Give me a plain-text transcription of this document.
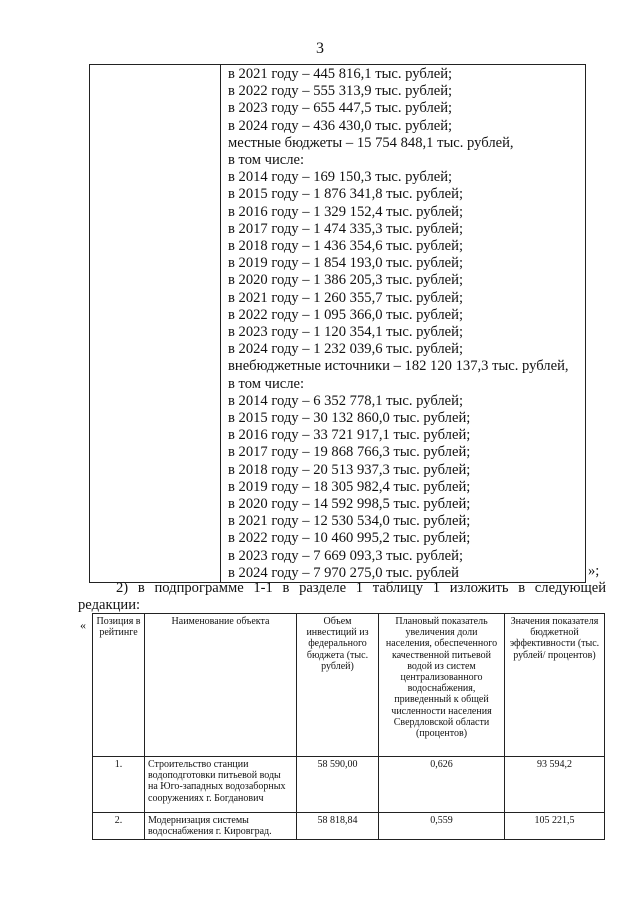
3

в 2021 году – 445 816,1 тыс. рублей;
в 2022 году – 555 313,9 тыс. рублей;
в 2023 году – 655 447,5 тыс. рублей;
в 2024 году – 436 430,0 тыс. рублей;
местные бюджеты – 15 754 848,1 тыс. рублей,
в том числе:
в 2014 году – 169 150,3 тыс. рублей;
в 2015 году – 1 876 341,8 тыс. рублей;
в 2016 году – 1 329 152,4 тыс. рублей;
в 2017 году – 1 474 335,3 тыс. рублей;
в 2018 году – 1 436 354,6 тыс. рублей;
в 2019 году – 1 854 193,0 тыс. рублей;
в 2020 году – 1 386 205,3 тыс. рублей;
в 2021 году – 1 260 355,7 тыс. рублей;
в 2022 году – 1 095 366,0 тыс. рублей;
в 2023 году – 1 120 354,1 тыс. рублей;
в 2024 году – 1 232 039,6 тыс. рублей;
внебюджетные источники – 182 120 137,3 тыс. рублей,
в том числе:
в 2014 году – 6 352 778,1 тыс. рублей;
в 2015 году – 30 132 860,0 тыс. рублей;
в 2016 году – 33 721 917,1 тыс. рублей;
в 2017 году – 19 868 766,3 тыс. рублей;
в 2018 году – 20 513 937,3 тыс. рублей;
в 2019 году – 18 305 982,4 тыс. рублей;
в 2020 году – 14 592 998,5 тыс. рублей;
в 2021 году – 12 530 534,0 тыс. рублей;
в 2022 году – 10 460 995,2 тыс. рублей;
в 2023 году – 7 669 093,3 тыс. рублей;
в 2024 году – 7 970 275,0 тыс. рублей	»;
2) в подпрограмме 1-1 в разделе 1 таблицу 1 изложить в следующей
редакции:
« Позиция в рейтинге	Наименование объекта	Объем инвестиций из федерального бюджета (тыс. рублей)	Плановый показатель увеличения доли населения, обеспеченного качественной питьевой водой из систем централизованного водоснабжения, приведенный к общей численности населения Свердловской области (процентов)	Значения показателя бюджетной эффективности (тыс. рублей/ процентов)
1.	Строительство станции водоподготовки питьевой воды на Юго-западных водозаборных сооружениях г. Богданович	58 590,00	0,626	93 594,2
2.	Модернизация системы водоснабжения г. Кировград.	58 818,84	0,559	105 221,5
